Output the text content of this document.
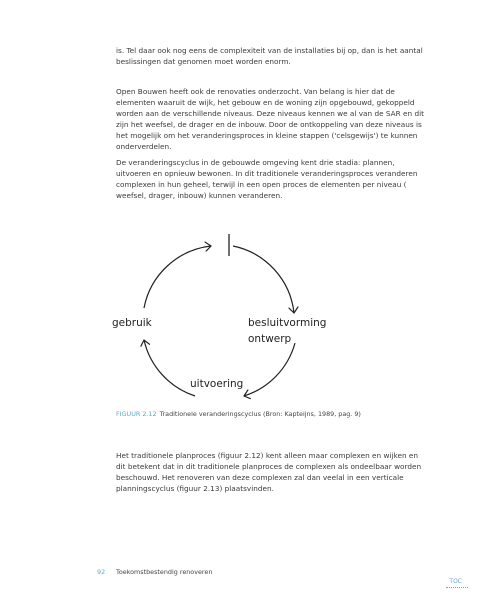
is. Tel daar ook nog eens de complexiteit van de installaties bij op, dan is het aantal beslissingen dat genomen moet worden enorm.

Open Bouwen heeft ook de renovaties onderzocht. Van belang is hier dat de elementen waaruit de wijk, het gebouw en de woning zijn opgebouwd, gekoppeld worden aan de verschillende niveaus. Deze niveaus kennen we al van de SAR en dit zijn het weefsel, de drager en de inbouw. Door de ontkoppeling van deze niveaus is het mogelijk om het veranderingsproces in kleine stappen ('celsgewijs') te kunnen onderverdelen.

De veranderingscyclus in de gebouwde omgeving kent drie stadia: plannen, uitvoeren en opnieuw bewonen. In dit traditionele veranderingsproces veranderen complexen in hun geheel, terwijl in een open proces de elementen per niveau ( weefsel, drager, inbouw) kunnen veranderen.

gebruik	besluitvorming
ontwerp
uitvoering
FIGUUR 2.12 Traditionele veranderingscyclus (Bron: Kapteijns, 1989, pag. 9)

Het traditionele planproces (figuur 2.12) kent alleen maar complexen en wijken en dit betekent dat in dit traditionele planproces de complexen als ondeelbaar worden beschouwd. Het renoveren van deze complexen zal dan veelal in een verticale planningscyclus (figuur 2.13) plaatsvinden.

92 Toekomstbestendig renoveren
TOC
